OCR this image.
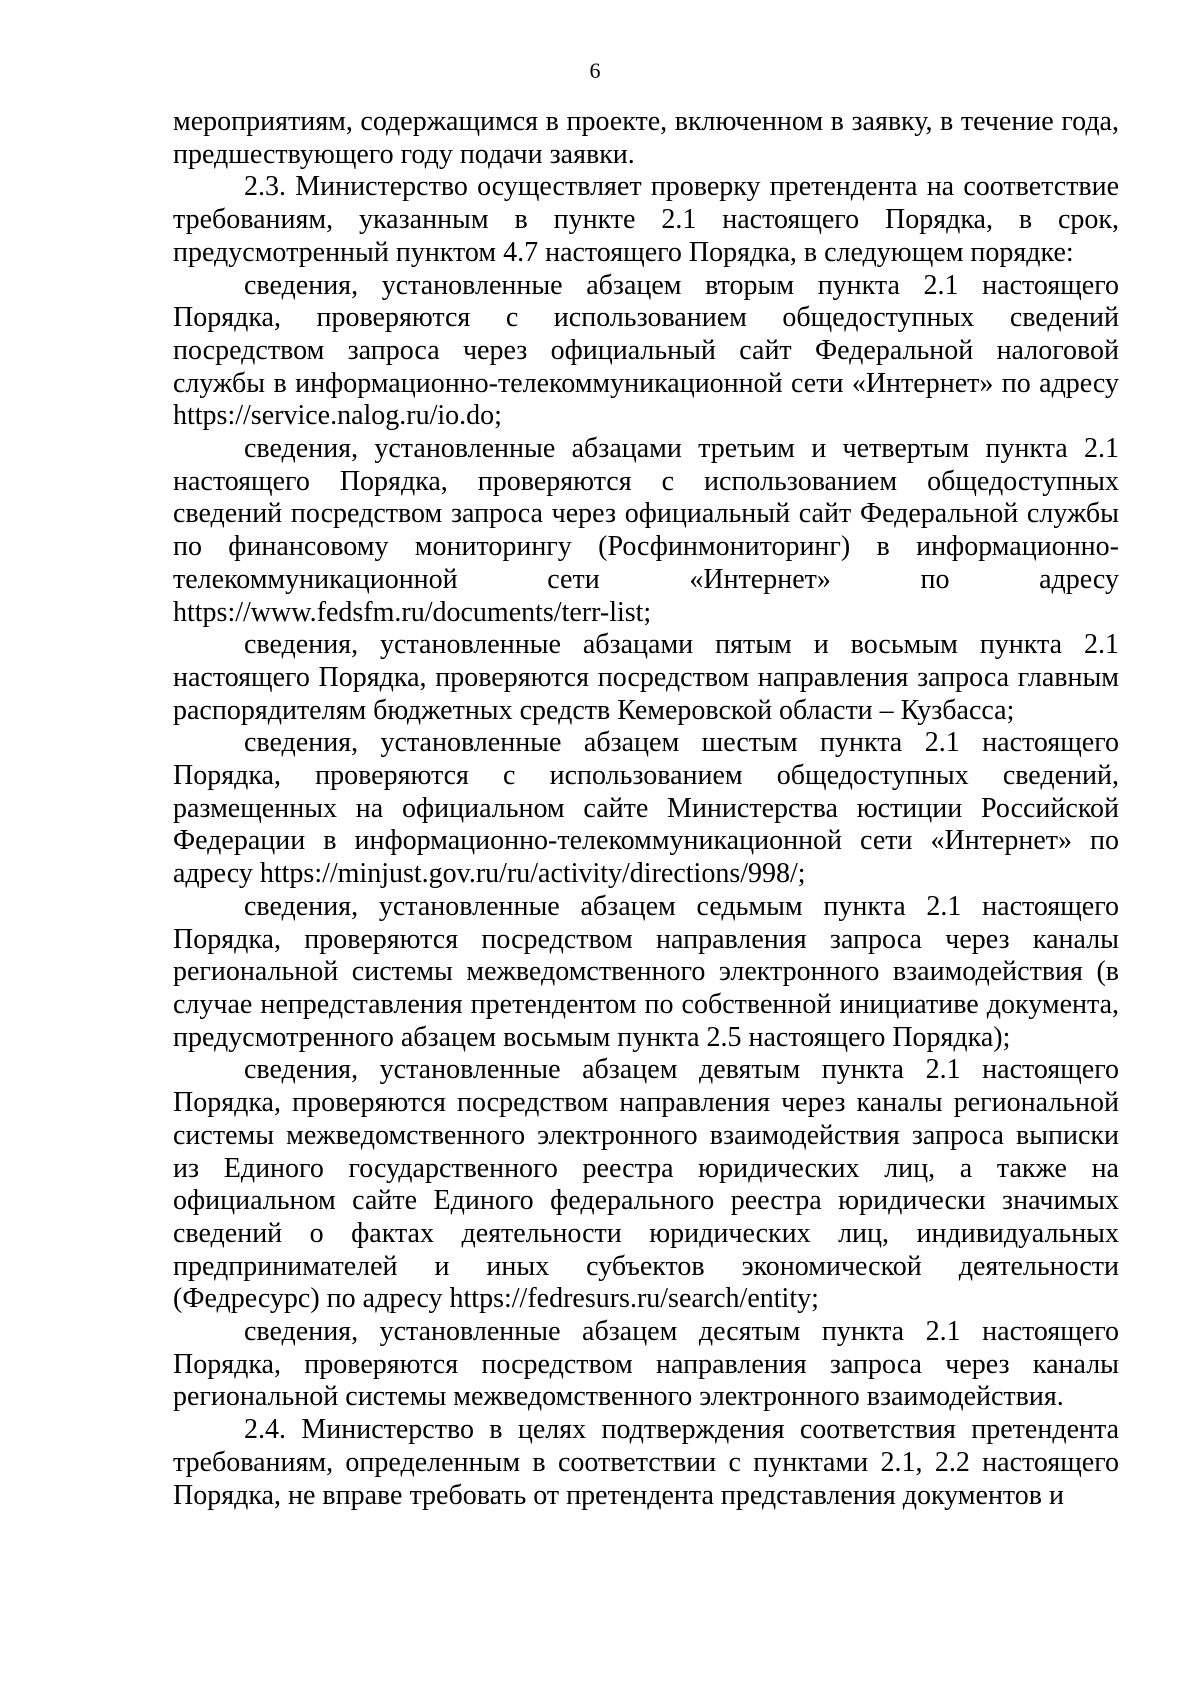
6

мероприятиям, содержащимся в проекте, включенном в заявку, в течение года, предшествующего году подачи заявки.

2.3. Министерство осуществляет проверку претендента на соответствие требованиям, указанным в пункте 2.1 настоящего Порядка, в срок, предусмотренный пунктом 4.7 настоящего Порядка, в следующем порядке:

сведения, установленные абзацем вторым пункта 2.1 настоящего Порядка, проверяются с использованием общедоступных сведений посредством запроса через официальный сайт Федеральной налоговой службы в информационно-телекоммуникационной сети «Интернет» по адресу https://service.nalog.ru/io.do;

сведения, установленные абзацами третьим и четвертым пункта 2.1 настоящего Порядка, проверяются с использованием общедоступных сведений посредством запроса через официальный сайт Федеральной службы по финансовому мониторингу (Росфинмониторинг) в информационно-телекоммуникационной сети «Интернет» по адресу https://www.fedsfm.ru/documents/terr-list;

сведения, установленные абзацами пятым и восьмым пункта 2.1 настоящего Порядка, проверяются посредством направления запроса главным распорядителям бюджетных средств Кемеровской области – Кузбасса;

сведения, установленные абзацем шестым пункта 2.1 настоящего Порядка, проверяются с использованием общедоступных сведений, размещенных на официальном сайте Министерства юстиции Российской Федерации в информационно-телекоммуникационной сети «Интернет» по адресу https://minjust.gov.ru/ru/activity/directions/998/;

сведения, установленные абзацем седьмым пункта 2.1 настоящего Порядка, проверяются посредством направления запроса через каналы региональной системы межведомственного электронного взаимодействия (в случае непредставления претендентом по собственной инициативе документа, предусмотренного абзацем восьмым пункта 2.5 настоящего Порядка);

сведения, установленные абзацем девятым пункта 2.1 настоящего Порядка, проверяются посредством направления через каналы региональной системы межведомственного электронного взаимодействия запроса выписки из Единого государственного реестра юридических лиц, а также на официальном сайте Единого федерального реестра юридически значимых сведений о фактах деятельности юридических лиц, индивидуальных предпринимателей и иных субъектов экономической деятельности (Федресурс) по адресу https://fedresurs.ru/search/entity;

сведения, установленные абзацем десятым пункта 2.1 настоящего Порядка, проверяются посредством направления запроса через каналы региональной системы межведомственного электронного взаимодействия.

2.4. Министерство в целях подтверждения соответствия претендента требованиям, определенным в соответствии с пунктами 2.1, 2.2 настоящего Порядка, не вправе требовать от претендента представления документов и
